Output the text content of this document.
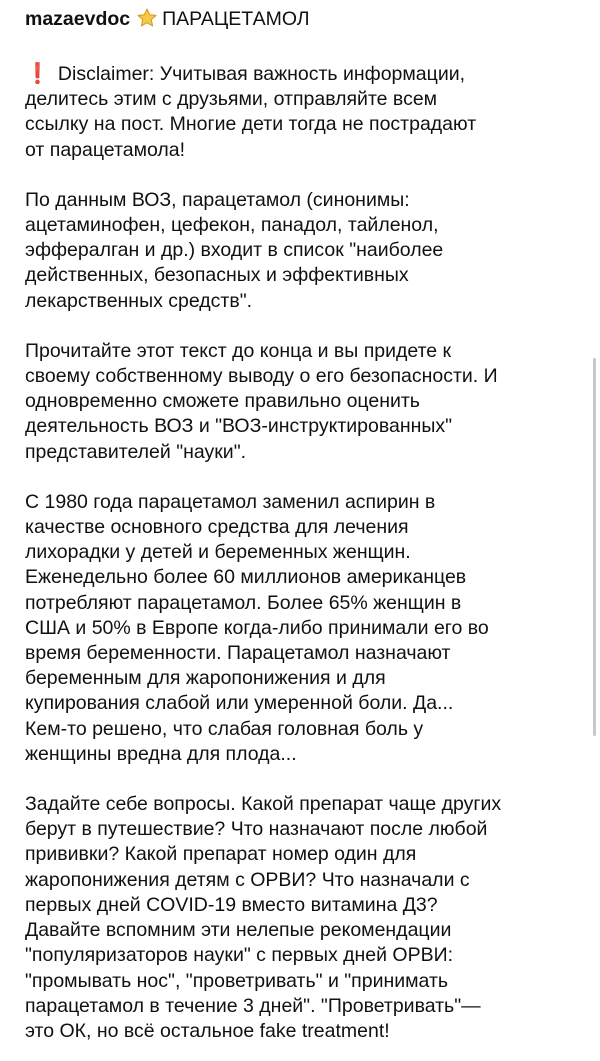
mazaevdoc ПАРАЦЕТАМОЛ
❗ Disclaimer: Учитывая важность информации,
делитесь этим с друзьями, отправляйте всем
ссылку на пост. Многие дети тогда не пострадают
от парацетамола!
По данным ВОЗ, парацетамол (синонимы:
ацетаминофен, цефекон, панадол, тайленол,
эффералган и др.) входит в список "наиболее
действенных, безопасных и эффективных
лекарственных средств".
Прочитайте этот текст до конца и вы придете к
своему собственному выводу о его безопасности. И
одновременно сможете правильно оценить
деятельность ВОЗ и "ВОЗ-инструктированных"
представителей "науки".
С 1980 года парацетамол заменил аспирин в
качестве основного средства для лечения
лихорадки у детей и беременных женщин.
Еженедельно более 60 миллионов американцев
потребляют парацетамол. Более 65% женщин в
США и 50% в Европе когда-либо принимали его во
время беременности. Парацетамол назначают
беременным для жаропонижения и для
купирования слабой или умеренной боли. Да...
Кем-то решено, что слабая головная боль у
женщины вредна для плода...
Задайте себе вопросы. Какой препарат чаще других
берут в путешествие? Что назначают после любой
прививки? Какой препарат номер один для
жаропонижения детям с ОРВИ? Что назначали с
первых дней COVID-19 вместо витамина Д3?
Давайте вспомним эти нелепые рекомендации
"популяризаторов науки" с первых дней ОРВИ:
"промывать нос", "проветривать" и "принимать
парацетамол в течение 3 дней". "Проветривать"—
это ОК, но всё остальное fake treatment!
